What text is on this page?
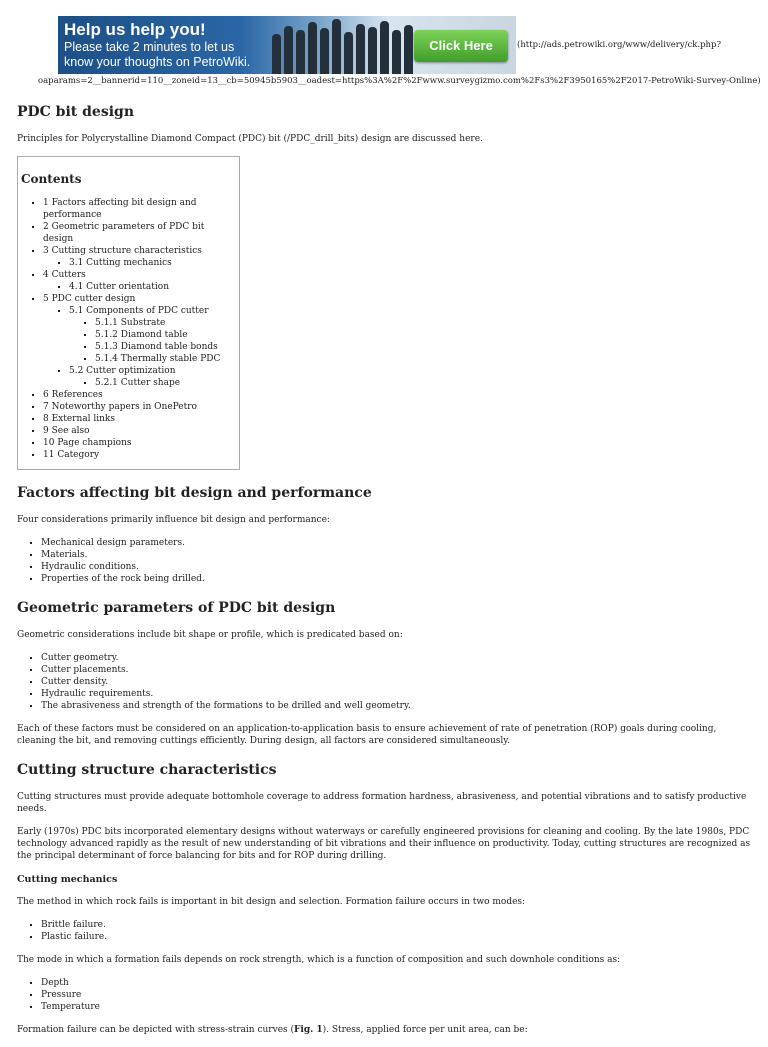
Help us help you!
Please take 2 minutes to let us know your thoughts on PetroWiki.
Click Here	(http://ads.petrowiki.org/www/delivery/ck.php?
oaparams=2__bannerid=110__zoneid=13__cb=50945b5903__oadest=https%3A%2F%2Fwww.surveygizmo.com%2Fs3%2F3950165%2F2017-PetroWiki-Survey-Online)
PDC bit design

Principles for Polycrystalline Diamond Compact (PDC) bit (/PDC_drill_bits) design are discussed here.

Contents
▪ 1 Factors affecting bit design and performance
▪ 2 Geometric parameters of PDC bit design
▪ 3 Cutting structure characteristics
▪ 3.1 Cutting mechanics
▪ 4 Cutters
▪ 4.1 Cutter orientation
▪ 5 PDC cutter design
▪ 5.1 Components of PDC cutter
▪ 5.1.1 Substrate
▪ 5.1.2 Diamond table
▪ 5.1.3 Diamond table bonds
▪ 5.1.4 Thermally stable PDC
▪ 5.2 Cutter optimization
▪ 5.2.1 Cutter shape
▪ 6 References
▪ 7 Noteworthy papers in OnePetro
▪ 8 External links
▪ 9 See also
▪ 10 Page champions
▪ 11 Category
Factors affecting bit design and performance

Four considerations primarily influence bit design and performance:

▪ Mechanical design parameters.
▪ Materials.
▪ Hydraulic conditions.
▪ Properties of the rock being drilled.
Geometric parameters of PDC bit design

Geometric considerations include bit shape or profile, which is predicated based on:

▪ Cutter geometry.
▪ Cutter placements.
▪ Cutter density.
▪ Hydraulic requirements.
▪ The abrasiveness and strength of the formations to be drilled and well geometry.

Each of these factors must be considered on an application-to-application basis to ensure achievement of rate of penetration (ROP) goals during cooling, cleaning the bit, and removing cuttings efficiently. During design, all factors are considered simultaneously.

Cutting structure characteristics

Cutting structures must provide adequate bottomhole coverage to address formation hardness, abrasiveness, and potential vibrations and to satisfy productive needs.

Early (1970s) PDC bits incorporated elementary designs without waterways or carefully engineered provisions for cleaning and cooling. By the late 1980s, PDC technology advanced rapidly as the result of new understanding of bit vibrations and their influence on productivity. Today, cutting structures are recognized as the principal determinant of force balancing for bits and for ROP during drilling.

Cutting mechanics

The method in which rock fails is important in bit design and selection. Formation failure occurs in two modes:

▪ Brittle failure.
▪ Plastic failure.

The mode in which a formation fails depends on rock strength, which is a function of composition and such downhole conditions as:

▪ Depth
▪ Pressure
▪ Temperature

Formation failure can be depicted with stress-strain curves (Fig. 1). Stress, applied force per unit area, can be:
